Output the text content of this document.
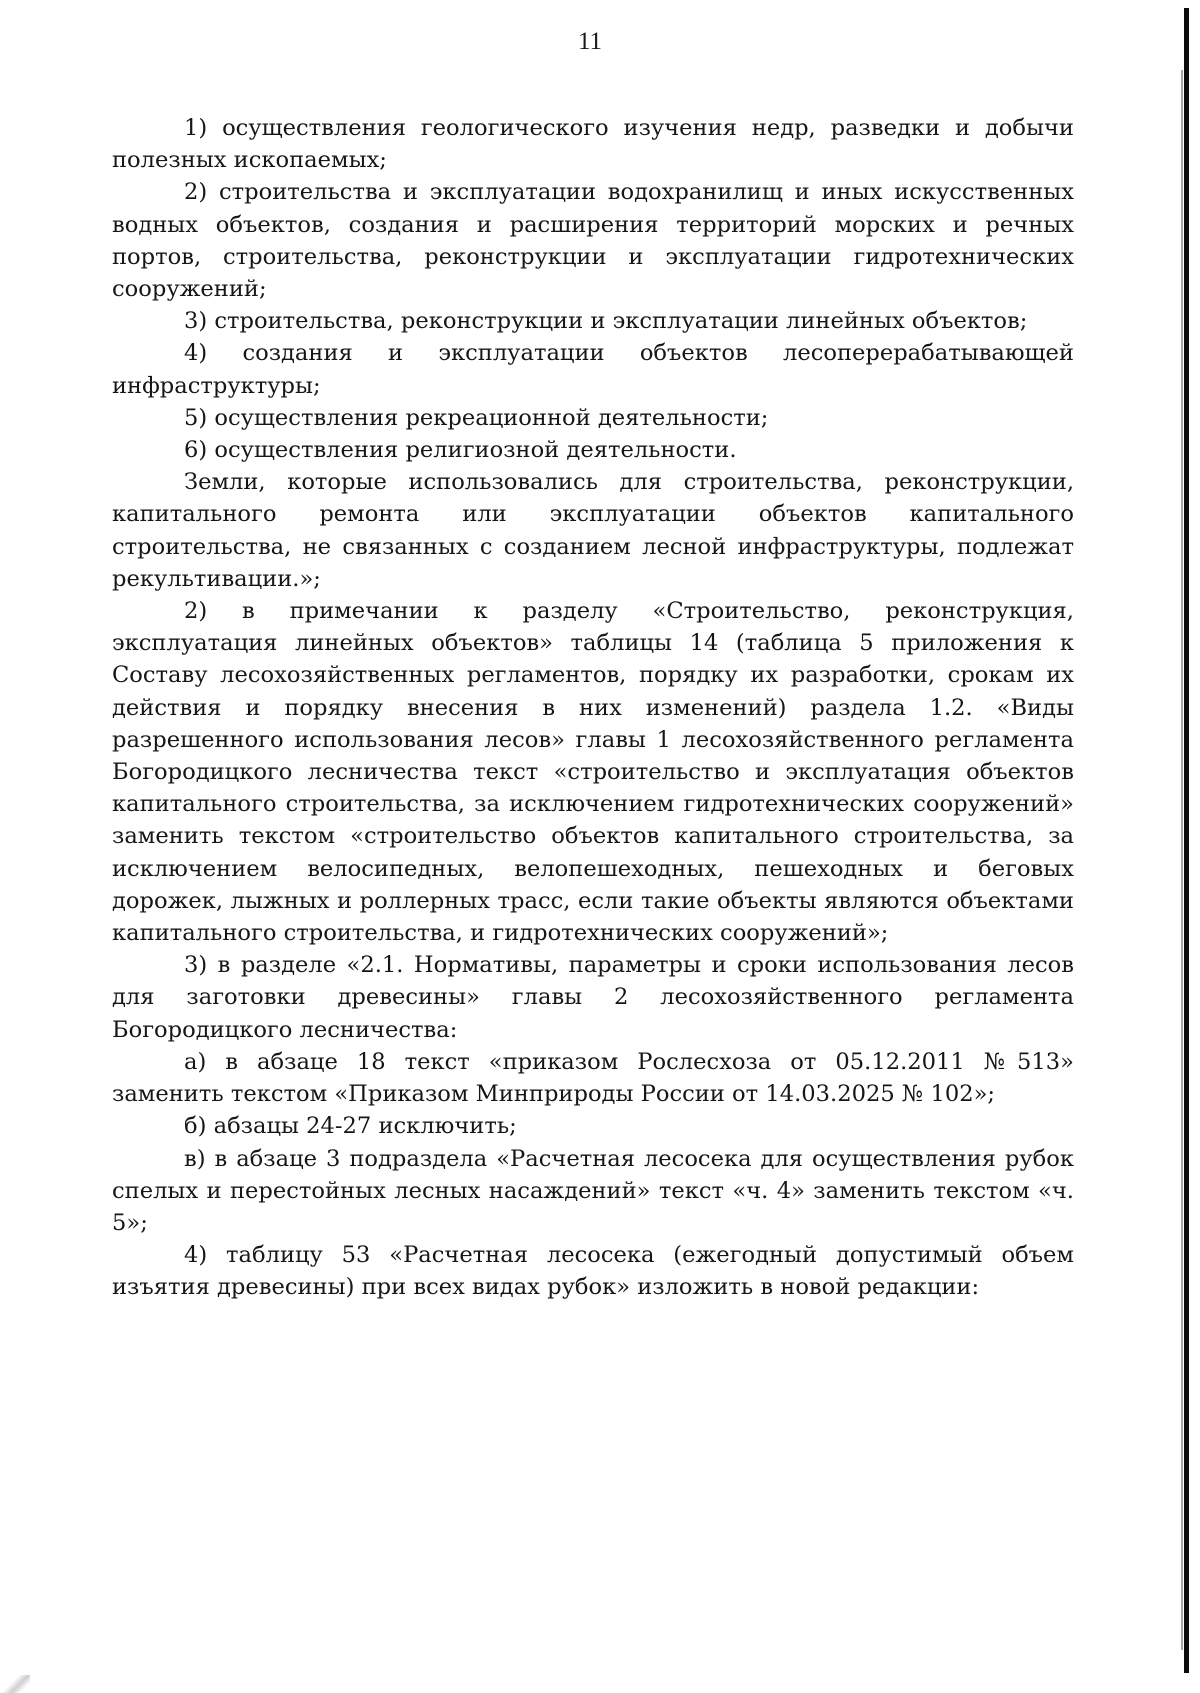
11

1) осуществления геологического изучения недр, разведки и добычи полезных ископаемых;

2) строительства и эксплуатации водохранилищ и иных искусственных водных объектов, создания и расширения территорий морских и речных портов, строительства, реконструкции и эксплуатации гидротехнических сооружений;

3) строительства, реконструкции и эксплуатации линейных объектов;

4) создания и эксплуатации объектов лесоперерабатывающей инфраструктуры;

5) осуществления рекреационной деятельности;

6) осуществления религиозной деятельности.

Земли, которые использовались для строительства, реконструкции, капитального ремонта или эксплуатации объектов капитального строительства, не связанных с созданием лесной инфраструктуры, подлежат рекультивации.»;

2) в примечании к разделу «Строительство, реконструкция, эксплуатация линейных объектов» таблицы 14 (таблица 5 приложения к Составу лесохозяйственных регламентов, порядку их разработки, срокам их действия и порядку внесения в них изменений) раздела 1.2. «Виды разрешенного использования лесов» главы 1 лесохозяйственного регламента Богородицкого лесничества текст «строительство и эксплуатация объектов капитального строительства, за исключением гидротехнических сооружений» заменить текстом «строительство объектов капитального строительства, за исключением велосипедных, велопешеходных, пешеходных и беговых дорожек, лыжных и роллерных трасс, если такие объекты являются объектами капитального строительства, и гидротехнических сооружений»;

3) в разделе «2.1. Нормативы, параметры и сроки использования лесов для заготовки древесины» главы 2 лесохозяйственного регламента Богородицкого лесничества:

а) в абзаце 18 текст «приказом Рослесхоза от 05.12.2011 №513» заменить текстом «Приказом Минприроды России от 14.03.2025 № 102»;

б) абзацы 24-27 исключить;

в) в абзаце 3 подраздела «Расчетная лесосека для осуществления рубок спелых и перестойных лесных насаждений» текст «ч. 4» заменить текстом «ч. 5»;

4) таблицу 53 «Расчетная лесосека (ежегодный допустимый объем изъятия древесины) при всех видах рубок» изложить в новой редакции:
